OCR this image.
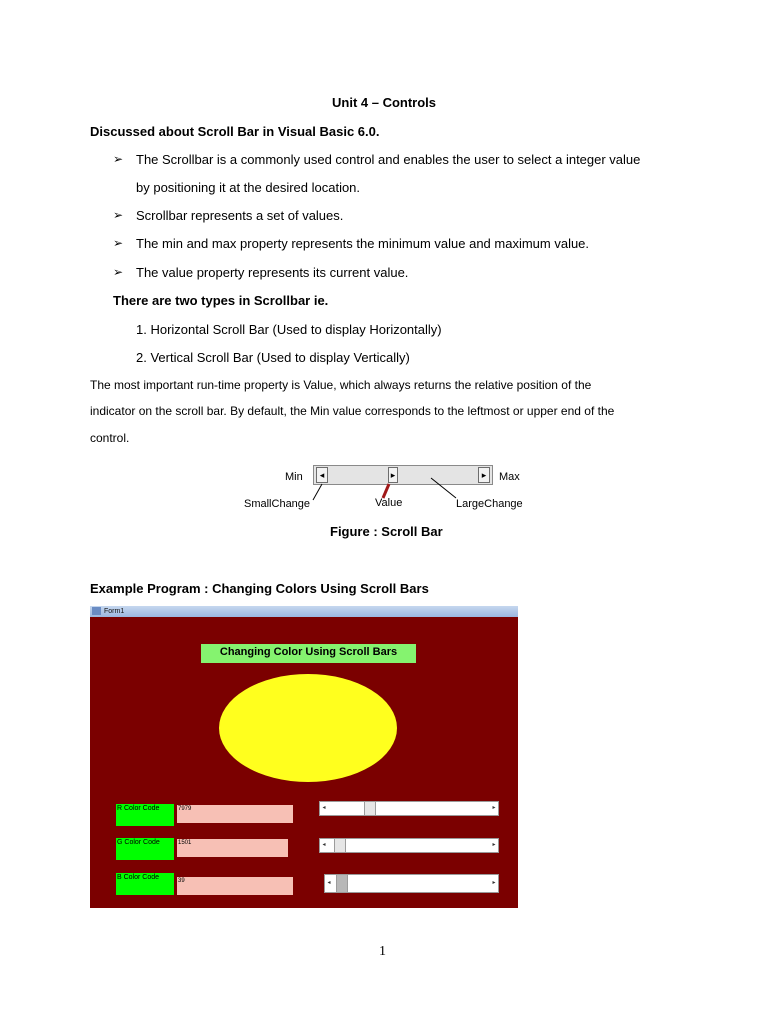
Unit 4 – Controls
Discussed about Scroll Bar in Visual Basic 6.0.
➢ The Scrollbar is a commonly used control and enables the user to select a integer value
by positioning it at the desired location.
➢ Scrollbar represents a set of values.
➢ The min and max property represents the minimum value and maximum value.
➢ The value property represents its current value.
There are two types in Scrollbar ie.
1. Horizontal Scroll Bar (Used to display Horizontally)
2. Vertical Scroll Bar (Used to display Vertically)
The most important run-time property is Value, which always returns the relative position of the
indicator on the scroll bar. By default, the Min value corresponds to the leftmost or upper end of the
control.
Min	◂	▸	▸	Max
SmallChange	Value	LargeChange
Figure : Scroll Bar
Example Program : Changing Colors Using Scroll Bars
Form1
Changing Color Using Scroll Bars
R Color Code	7979	◂	▸
G Color Code	1501	◂	▸
B Color Code	39	◂	▸
1
